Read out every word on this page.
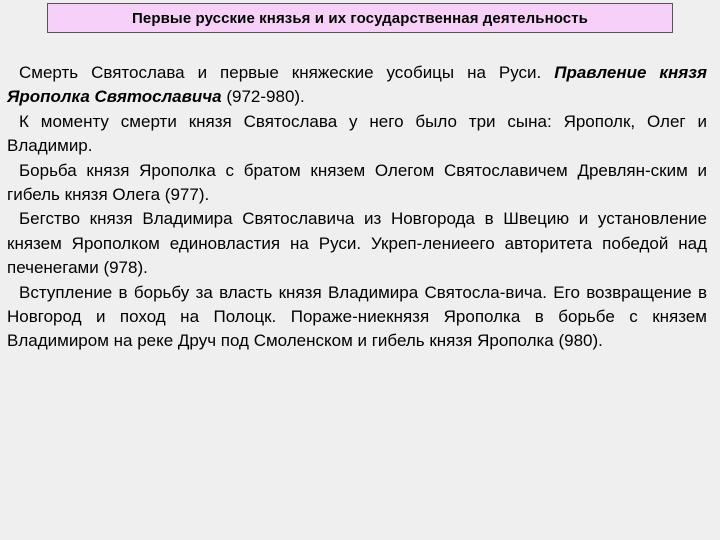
Первые русские князья и их государственная деятельность

Смерть Святослава и первые княжеские усобицы на Руси. Правление князя Ярополка Святославича (972-980).

К моменту смерти князя Святослава у него было три сына: Ярополк, Олег и Владимир.

Борьба князя Ярополка с братом князем Олегом Святославичем Древлян-ским и гибель князя Олега (977).

Бегство князя Владимира Святославича из Новгорода в Швецию и установление князем Ярополком единовластия на Руси. Укреп-лениеего авторитета победой над печенегами (978).

Вступление в борьбу за власть князя Владимира Святосла-вича. Его возвращение в Новгород и поход на Полоцк. Пораже-ниекнязя Ярополка в борьбе с князем Владимиром на реке Друч под Смоленском и гибель князя Ярополка (980).
